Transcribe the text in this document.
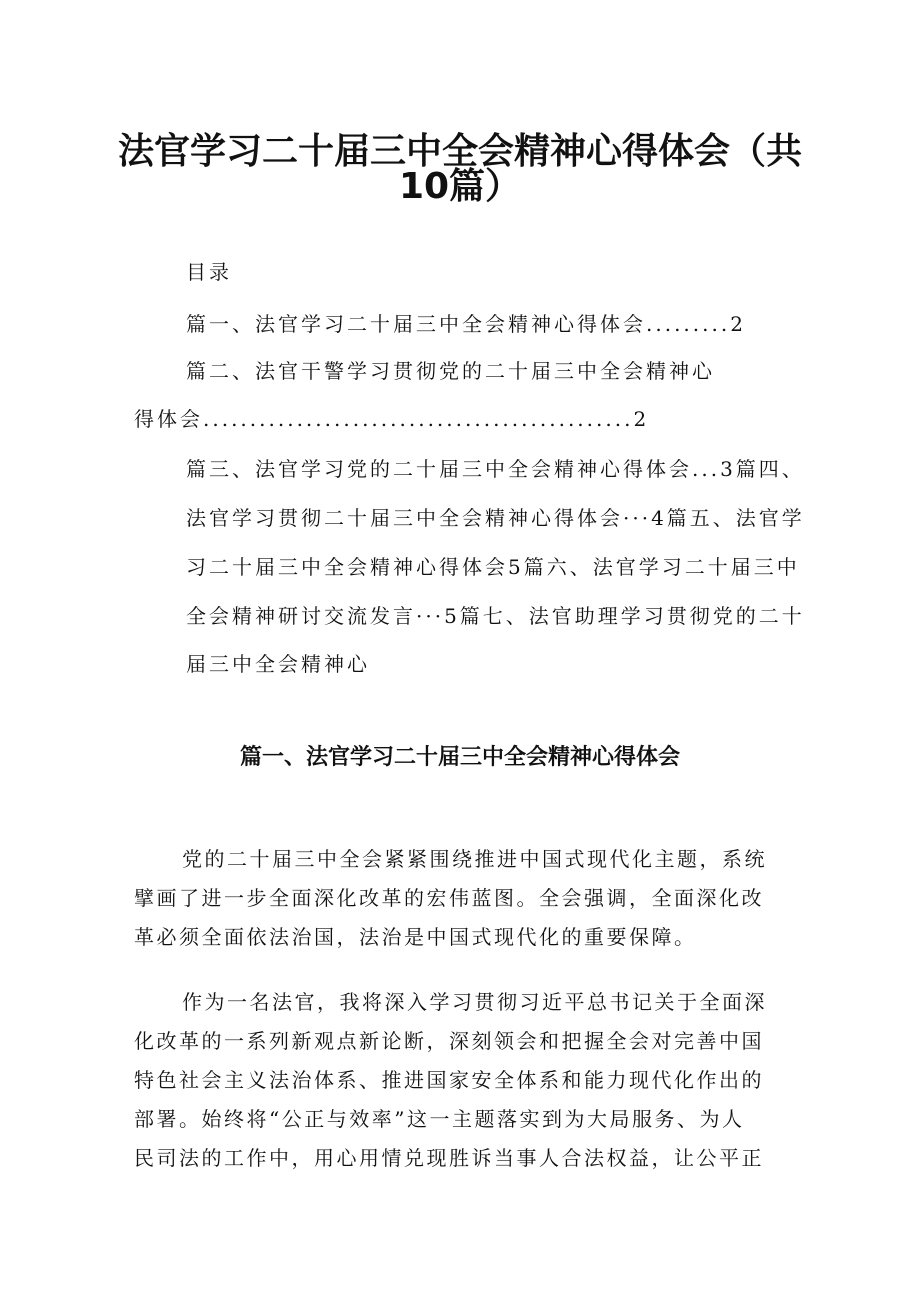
法官学习二十届三中全会精神心得体会（共
10篇）
目录
篇一、法官学习二十届三中全会精神心得体会.........2
篇二、法官干警学习贯彻党的二十届三中全会精神心
得体会..............................................2
篇三、法官学习党的二十届三中全会精神心得体会...3篇四、
法官学习贯彻二十届三中全会精神心得体会···4篇五、法官学
习二十届三中全会精神心得体会5篇六、法官学习二十届三中
全会精神研讨交流发言···5篇七、法官助理学习贯彻党的二十
届三中全会精神心
篇一、法官学习二十届三中全会精神心得体会
党的二十届三中全会紧紧围绕推进中国式现代化主题，系统
擘画了进一步全面深化改革的宏伟蓝图。全会强调，全面深化改
革必须全面依法治国，法治是中国式现代化的重要保障。
作为一名法官，我将深入学习贯彻习近平总书记关于全面深
化改革的一系列新观点新论断，深刻领会和把握全会对完善中国
特色社会主义法治体系、推进国家安全体系和能力现代化作出的
部署。始终将“公正与效率”这一主题落实到为大局服务、为人
民司法的工作中，用心用情兑现胜诉当事人合法权益，让公平正
